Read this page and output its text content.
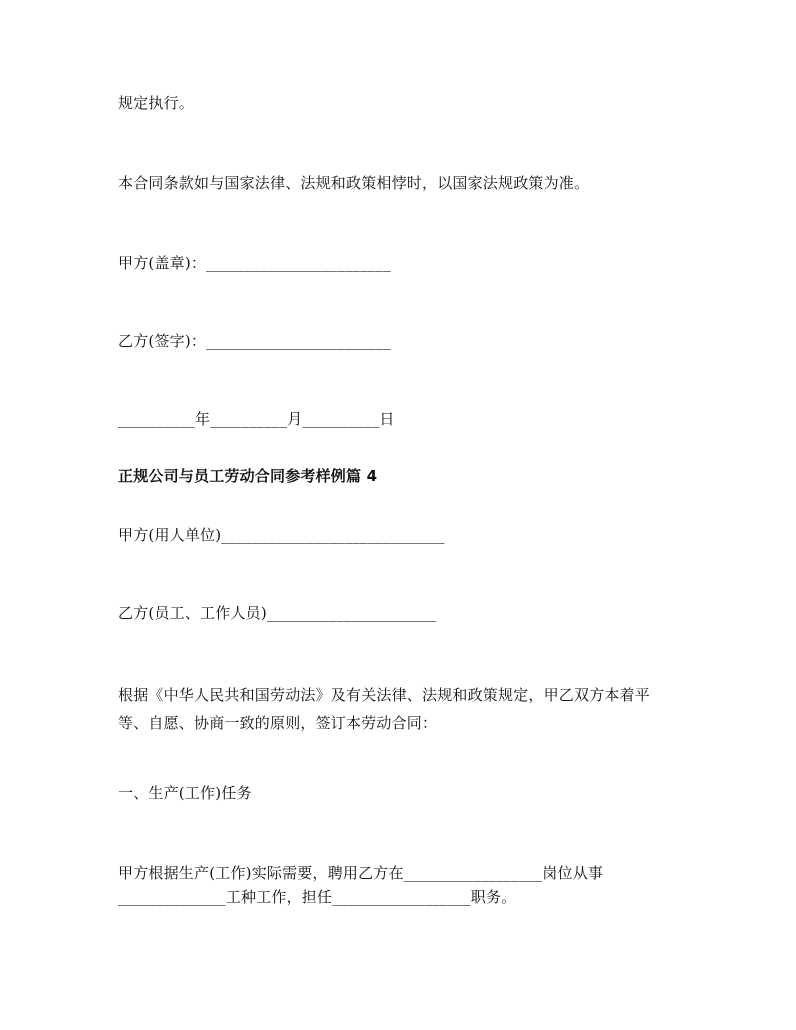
规定执行。

本合同条款如与国家法律、法规和政策相悖时，以国家法规政策为准。

甲方(盖章)：________________________

乙方(签字)：________________________

__________年__________月__________日

正规公司与员工劳动合同参考样例篇 4

甲方(用人单位)_____________________________

乙方(员工、工作人员)______________________

根据《中华人民共和国劳动法》及有关法律、法规和政策规定，甲乙双方本着平

等、自愿、协商一致的原则，签订本劳动合同：

一、生产(工作)任务

甲方根据生产(工作)实际需要，聘用乙方在__________________岗位从事

______________工种工作，担任__________________职务。
